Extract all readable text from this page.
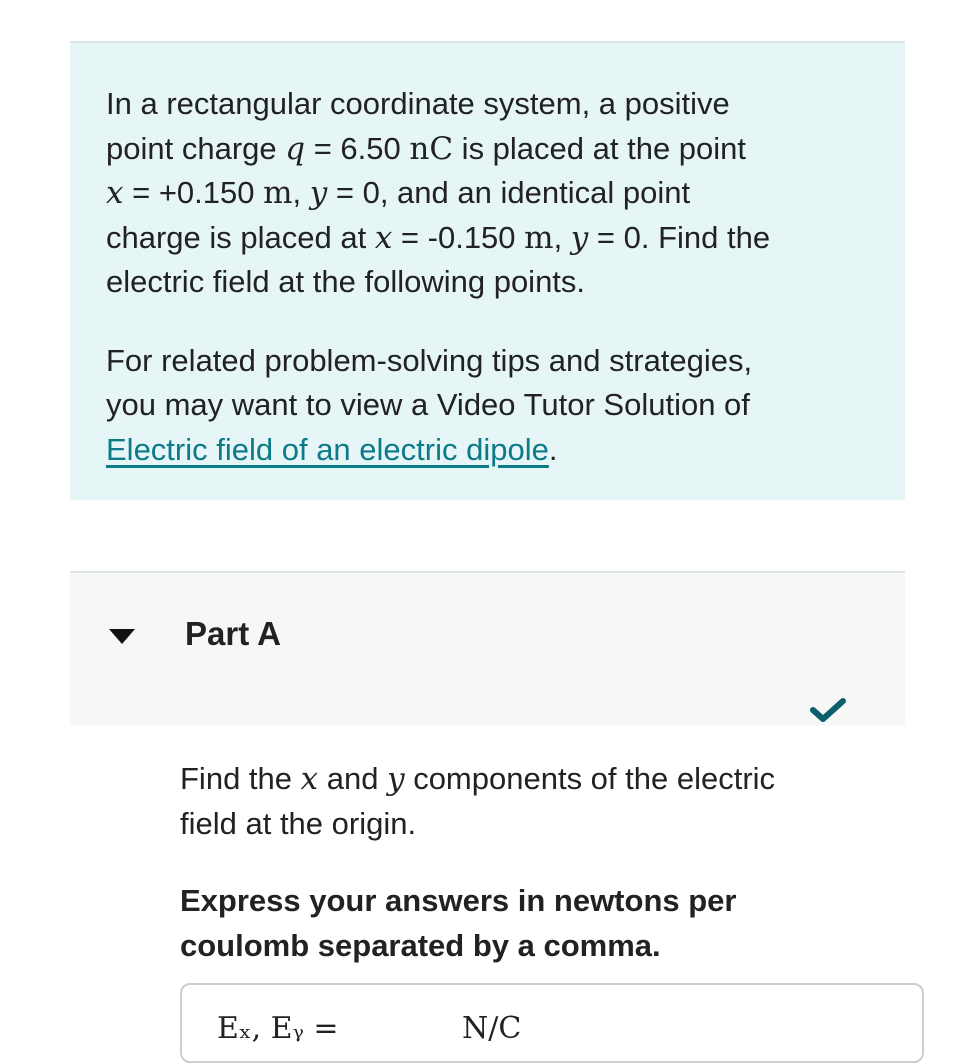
In a rectangular coordinate system, a positive
point charge q = 6.50 nC is placed at the point
x = +0.150 m, y = 0, and an identical point
charge is placed at x = -0.150 m, y = 0. Find the
electric field at the following points.

For related problem-solving tips and strategies,
you may want to view a Video Tutor Solution of
Electric field of an electric dipole.

Part A

Find the x and y components of the electric
field at the origin.

Express your answers in newtons per
coulomb separated by a comma.

Eₓ, Eᵧ =	N/C
